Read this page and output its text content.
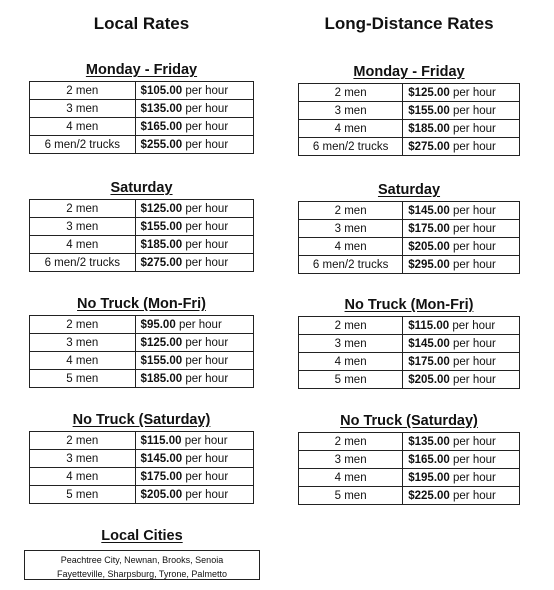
Local Rates
Monday - Friday
2 men	$105.00 per hour
3 men	$135.00 per hour
4 men	$165.00 per hour
6 men/2 trucks	$255.00 per hour
Saturday
2 men	$125.00 per hour
3 men	$155.00 per hour
4 men	$185.00 per hour
6 men/2 trucks	$275.00 per hour
No Truck (Mon-Fri)
2 men	$95.00 per hour
3 men	$125.00 per hour
4 men	$155.00 per hour
5 men	$185.00 per hour
No Truck (Saturday)
2 men	$115.00 per hour
3 men	$145.00 per hour
4 men	$175.00 per hour
5 men	$205.00 per hour
Local Cities
Peachtree City, Newnan, Brooks, Senoia
Fayetteville, Sharpsburg, Tyrone, Palmetto
Long-Distance Rates
Monday - Friday
2 men	$125.00 per hour
3 men	$155.00 per hour
4 men	$185.00 per hour
6 men/2 trucks	$275.00 per hour
Saturday
2 men	$145.00 per hour
3 men	$175.00 per hour
4 men	$205.00 per hour
6 men/2 trucks	$295.00 per hour
No Truck (Mon-Fri)
2 men	$115.00 per hour
3 men	$145.00 per hour
4 men	$175.00 per hour
5 men	$205.00 per hour
No Truck (Saturday)
2 men	$135.00 per hour
3 men	$165.00 per hour
4 men	$195.00 per hour
5 men	$225.00 per hour
